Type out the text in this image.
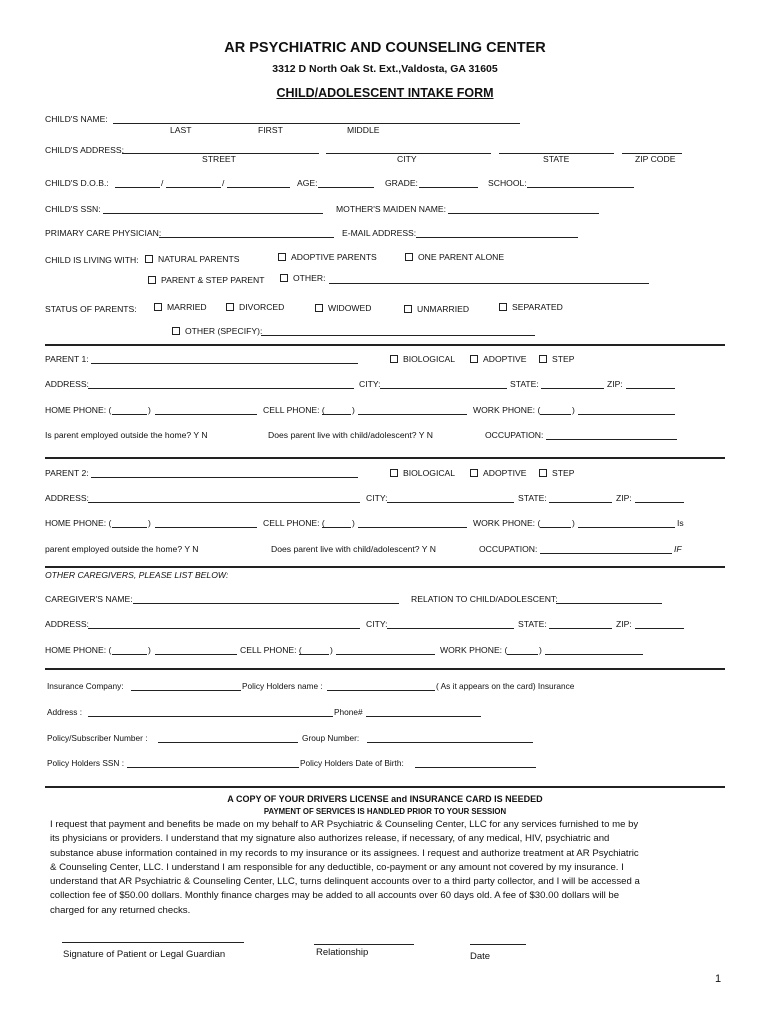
AR PSYCHIATRIC AND COUNSELING CENTER
3312 D North Oak St. Ext.,Valdosta, GA 31605
CHILD/ADOLESCENT INTAKE FORM
CHILD'S NAME:
LAST	FIRST	MIDDLE
CHILD'S ADDRESS:
STREET	CITY	STATE	ZIP CODE
CHILD'S D.O.B.:	/	/	AGE:	GRADE:	SCHOOL:
CHILD'S SSN:	MOTHER'S MAIDEN NAME:
PRIMARY CARE PHYSICIAN:	E-MAIL ADDRESS:
CHILD IS LIVING WITH:	NATURAL PARENTS	ADOPTIVE PARENTS	ONE PARENT ALONE
PARENT & STEP PARENT	OTHER:
STATUS OF PARENTS:	MARRIED	DIVORCED	WIDOWED	UNMARRIED	SEPARATED
OTHER (SPECIFY):
PARENT 1:	BIOLOGICAL	ADOPTIVE	STEP
ADDRESS:	CITY:	STATE:	ZIP:
HOME PHONE: (	)	CELL PHONE: (	)	WORK PHONE: (	)
Is parent employed outside the home? Y N	Does parent live with child/adolescent? Y N	OCCUPATION:
PARENT 2:	BIOLOGICAL	ADOPTIVE	STEP
ADDRESS:	CITY:	STATE:	ZIP:
HOME PHONE: (	)	CELL PHONE: (	)	WORK PHONE: (	)	Is
parent employed outside the home? Y N	Does parent live with child/adolescent? Y N	OCCUPATION:	IF
OTHER CAREGIVERS, PLEASE LIST BELOW:
CAREGIVER'S NAME:	RELATION TO CHILD/ADOLESCENT:
ADDRESS:	CITY:	STATE:	ZIP:
HOME PHONE: (	)	CELL PHONE: (	)	WORK PHONE: (	)
Insurance Company:	Policy Holders name :	( As it appears on the card) Insurance
Address :	Phone#
Policy/Subscriber Number :	Group Number:
Policy Holders SSN :	Policy Holders Date of Birth:
A COPY OF YOUR DRIVERS LICENSE and INSURANCE CARD IS NEEDED
PAYMENT OF SERVICES IS HANDLED PRIOR TO YOUR SESSION
I request that payment and benefits be made on my behalf to AR Psychiatric & Counseling Center, LLC for any services furnished to me by
its physicians or providers. I understand that my signature also authorizes release, if necessary, of any medical, HIV, psychiatric and
substance abuse information contained in my records to my insurance or its assignees. I request and authorize treatment at AR Psychiatric
& Counseling Center, LLC. I understand I am responsible for any deductible, co-payment or any amount not covered by my insurance. I
understand that AR Psychiatric & Counseling Center, LLC, turns delinquent accounts over to a third party collector, and I will be accessed a
collection fee of $50.00 dollars. Monthly finance charges may be added to all accounts over 60 days old. A fee of $30.00 dollars will be
charged for any returned checks.
Signature of Patient or Legal Guardian	Relationship	Date
1
